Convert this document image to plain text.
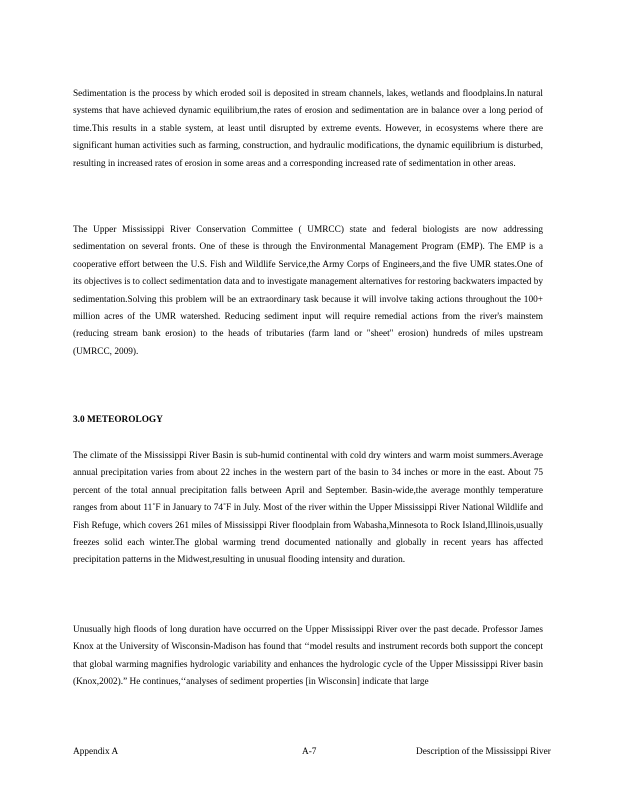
Sedimentation is the process by which eroded soil is deposited in stream channels, lakes, wetlands and floodplains.In natural systems that have achieved dynamic equilibrium,the rates of erosion and sedimentation are in balance over a long period of time.This results in a stable system, at least until disrupted by extreme events. However, in ecosystems where there are significant human activities such as farming, construction, and hydraulic modifications, the dynamic equilibrium is disturbed, resulting in increased rates of erosion in some areas and a corresponding increased rate of sedimentation in other areas.

The Upper Mississippi River Conservation Committee ( UMRCC) state and federal biologists are now addressing sedimentation on several fronts. One of these is through the Environmental Management Program (EMP). The EMP is a cooperative effort between the U.S. Fish and Wildlife Service,the Army Corps of Engineers,and the five UMR states.One of its objectives is to collect sedimentation data and to investigate management alternatives for restoring backwaters impacted by sedimentation.Solving this problem will be an extraordinary task because it will involve taking actions throughout the 100+ million acres of the UMR watershed. Reducing sediment input will require remedial actions from the river's mainstem (reducing stream bank erosion) to the heads of tributaries (farm land or "sheet" erosion) hundreds of miles upstream (UMRCC, 2009).

3.0 METEOROLOGY

The climate of the Mississippi River Basin is sub-humid continental with cold dry winters and warm moist summers.Average annual precipitation varies from about 22 inches in the western part of the basin to 34 inches or more in the east. About 75 percent of the total annual precipitation falls between April and September. Basin-wide,the average monthly temperature ranges from about 11˚F in January to 74˚F in July. Most of the river within the Upper Mississippi River National Wildlife and Fish Refuge, which covers 261 miles of Mississippi River floodplain from Wabasha,Minnesota to Rock Island,Illinois,usually freezes solid each winter.The global warming trend documented nationally and globally in recent years has affected precipitation patterns in the Midwest,resulting in unusual flooding intensity and duration.

Unusually high floods of long duration have occurred on the Upper Mississippi River over the past decade. Professor James Knox at the University of Wisconsin-Madison has found that ‘‘model results and instrument records both support the concept that global warming magnifies hydrologic variability and enhances the hydrologic cycle of the Upper Mississippi River basin (Knox,2002).” He continues,‘‘analyses of sediment properties [in Wisconsin] indicate that large

Appendix A	A-7	Description of the Mississippi River
